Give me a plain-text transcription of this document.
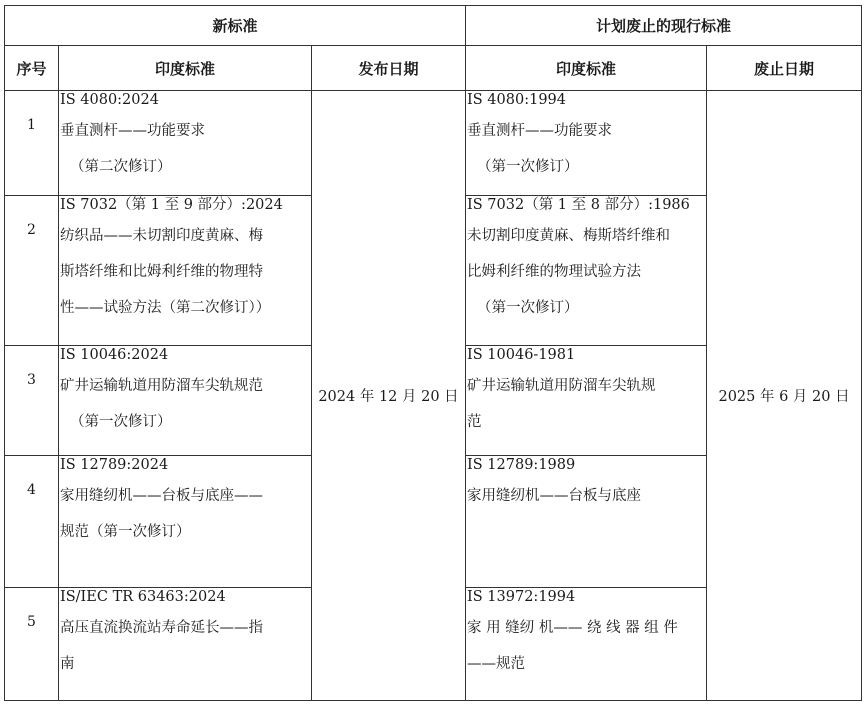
新标准			计划废止的现行标准	
序号	印度标准	发布日期	印度标准	废止日期
1	IS 4080:2024
垂直测杆——功能要求
（第二次修订）	2024 年 12 月 20 日	IS 4080:1994
垂直测杆——功能要求
（第一次修订）	2025 年 6 月 20 日
2	IS 7032（第 1 至 9 部分）:2024
纺织品——未切割印度黄麻、梅
斯塔纤维和比姆利纤维的物理特
性——试验方法（第二次修订））		IS 7032（第 1 至 8 部分）:1986
未切割印度黄麻、梅斯塔纤维和
比姆利纤维的物理试验方法
（第一次修订）	

3	IS 10046:2024
矿井运输轨道用防溜车尖轨规范
（第一次修订）		IS 10046-1981
矿井运输轨道用防溜车尖轨规
范	

4	IS 12789:2024
家用缝纫机——台板与底座——
规范（第一次修订）		IS 12789:1989
家用缝纫机——台板与底座	

5	IS/IEC TR 63463:2024
高压直流换流站寿命延长——指
南		IS 13972:1994
家 用 缝纫 机—— 绕 线 器 组 件
——规范	
